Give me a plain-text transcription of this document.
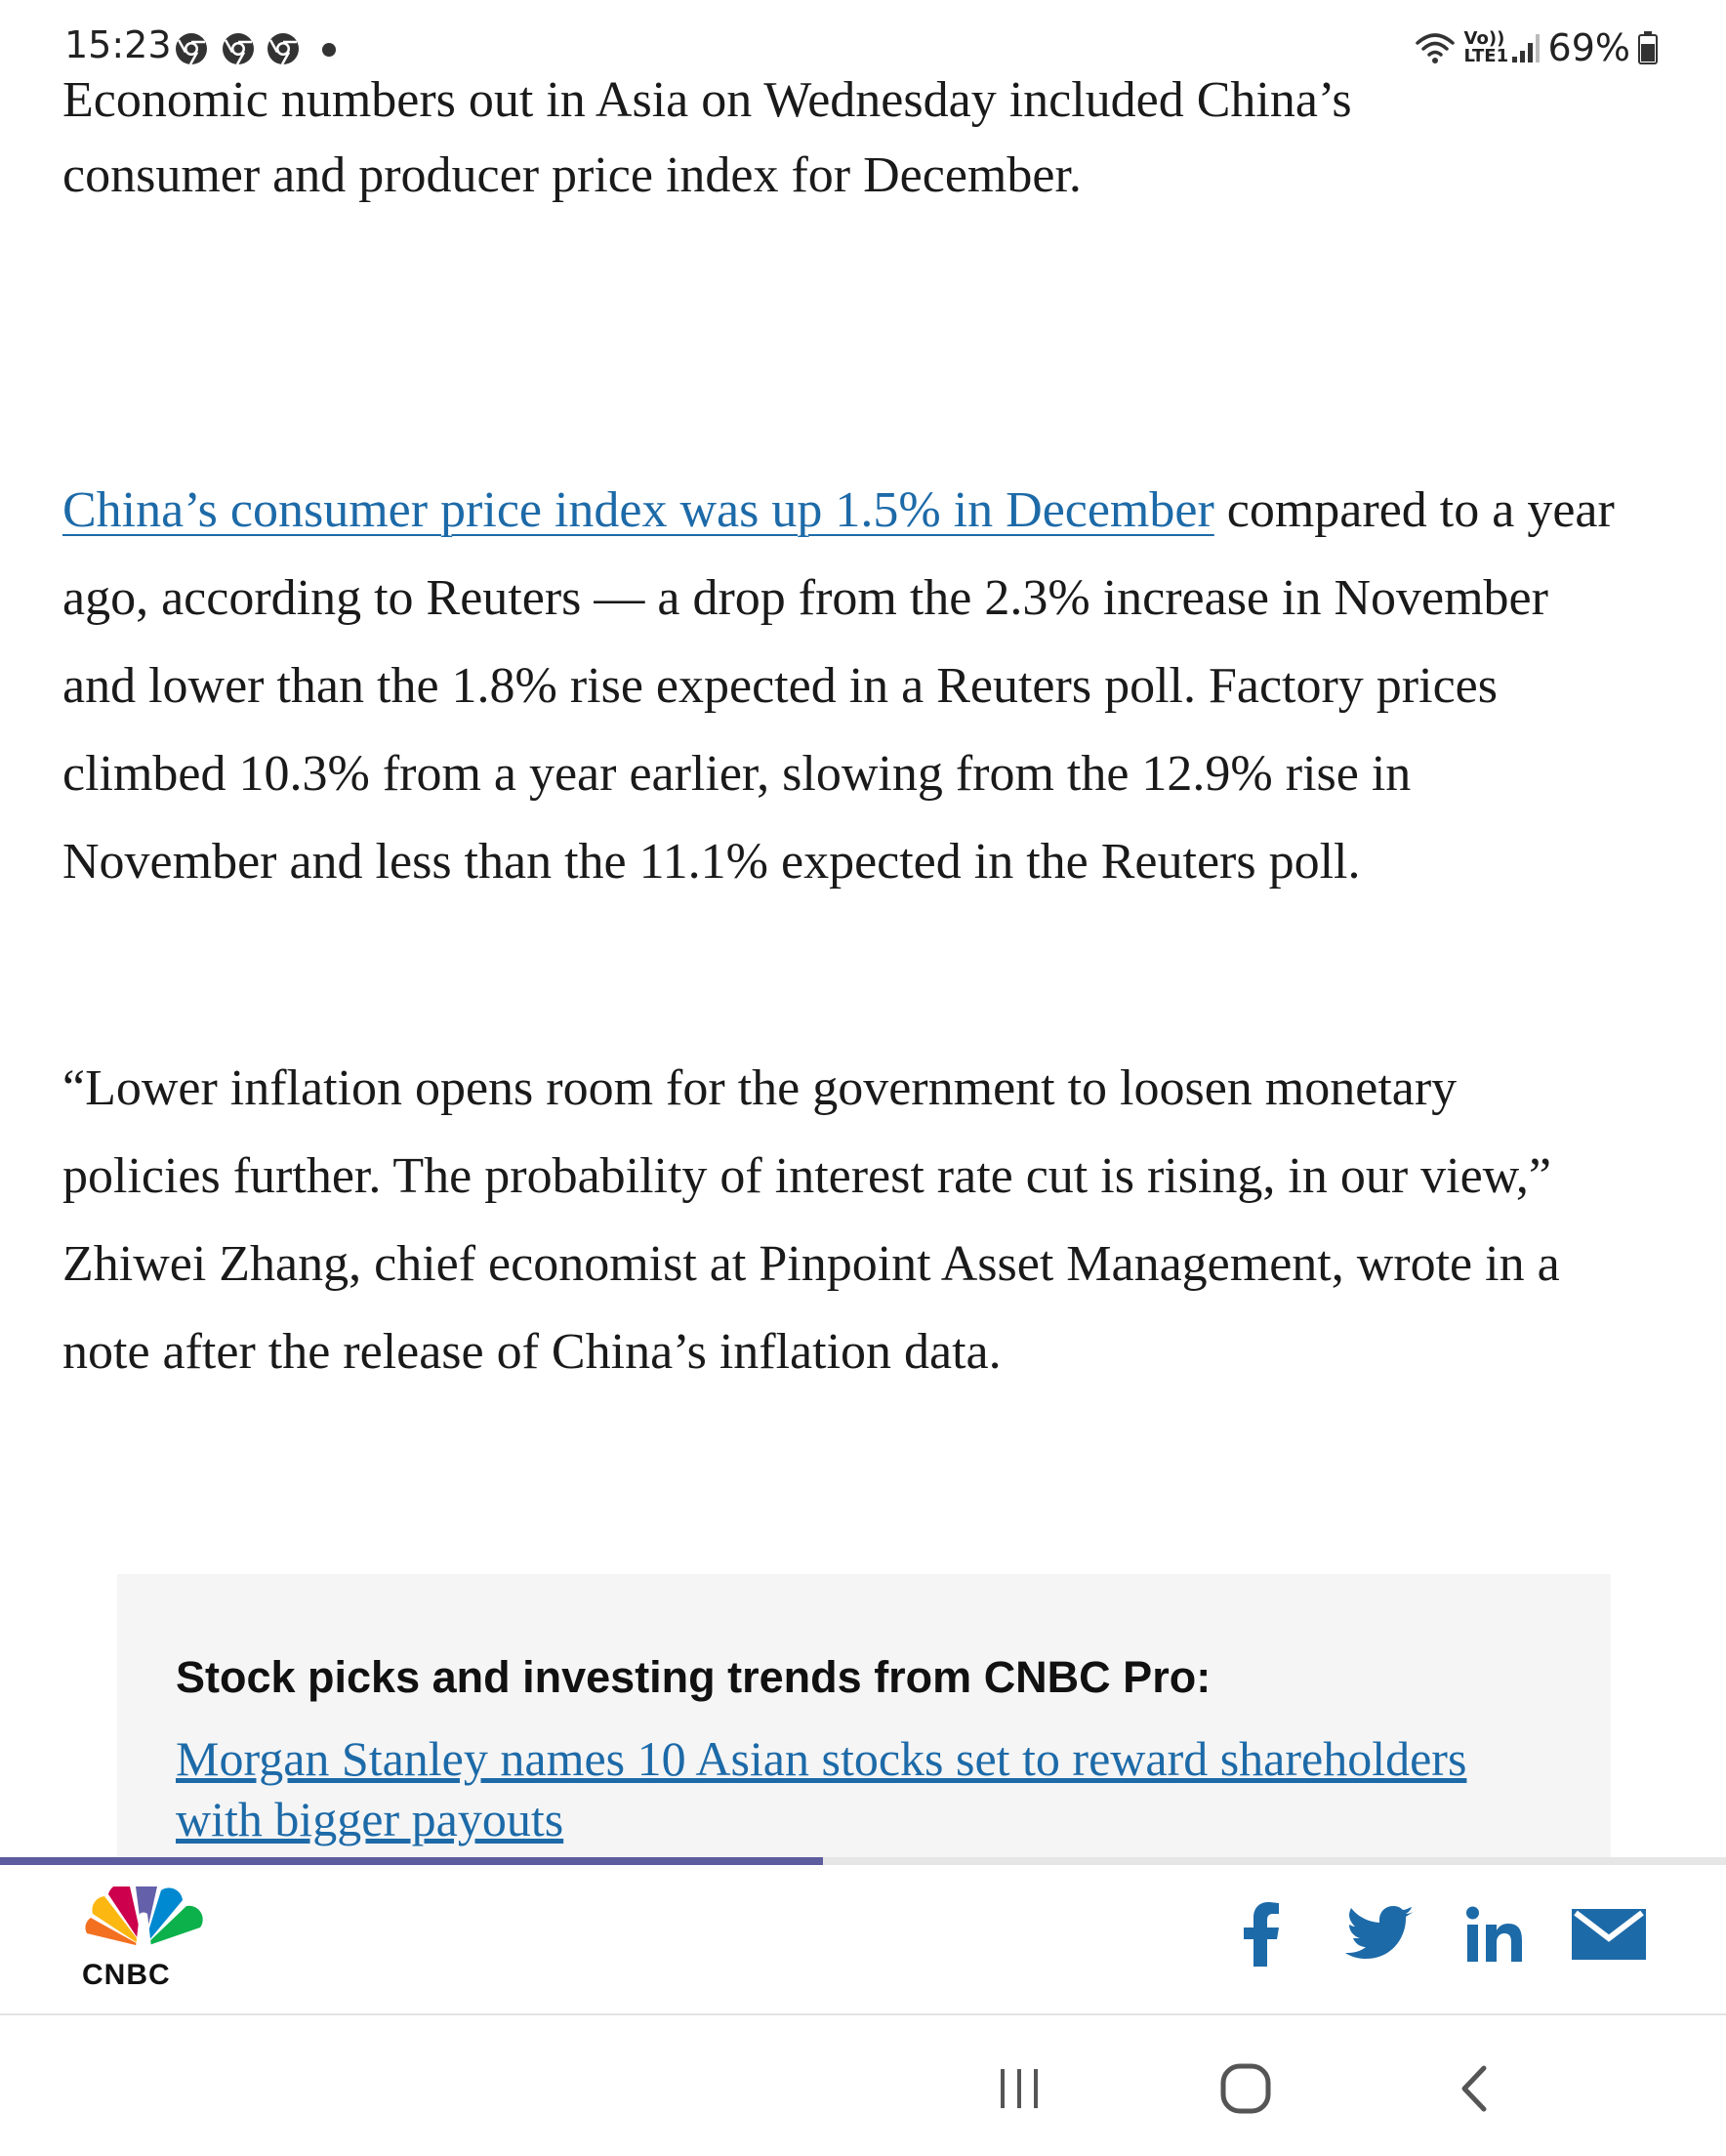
Economic numbers out in Asia on Wednesday included China’s
consumer and producer price index for December.

China’s consumer price index was up 1.5% in December compared to a year ago, according to Reuters — a drop from the 2.3% increase in November and lower than the 1.8% rise expected in a Reuters poll. Factory prices climbed 10.3% from a year earlier, slowing from the 12.9% rise in November and less than the 11.1% expected in the Reuters poll.

“Lower inflation opens room for the government to loosen monetary policies further. The probability of interest rate cut is rising, in our view,” Zhiwei Zhang, chief economist at Pinpoint Asset Management, wrote in a note after the release of China’s inflation data.

Stock picks and investing trends from CNBC Pro:
Morgan Stanley names 10 Asian stocks set to reward shareholders with bigger payouts
15:23	Vo))
LTE1 69%
CNBC
